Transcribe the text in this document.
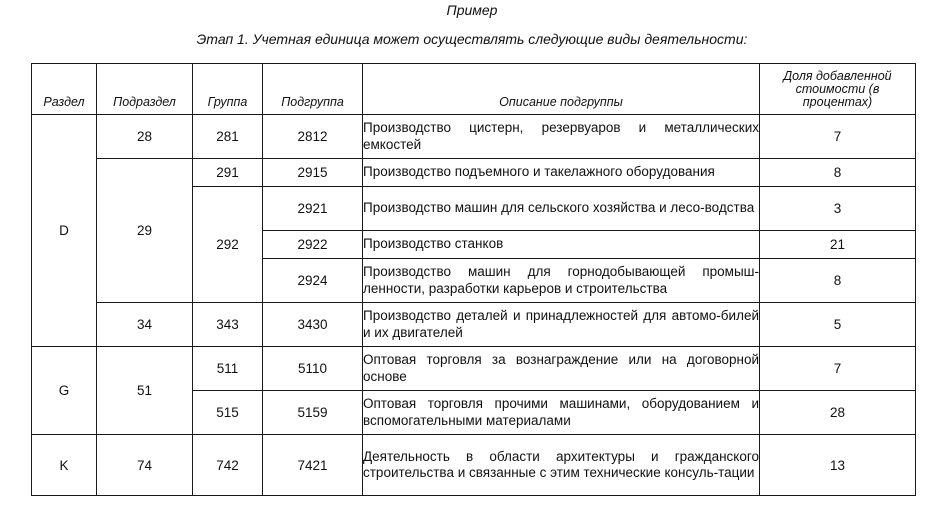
Пример
Этап 1. Учетная единица может осуществлять следующие виды деятельности:
Раздел	Подраздел	Группа	Подгруппа	Описание подгруппы	Доля добавленной стоимости (в процентах)
D	28	281	2812	Производство цистерн, резервуаров и металлических емкостей	7
	29	291	2915	Производство подъемного и такелажного оборудования	8
		292	2921	Производство машин для сельского хозяйства и лесо-водства	3
			2922	Производство станков	21
			2924	Производство машин для горнодобывающей промыш-ленности, разработки карьеров и строительства	8
	34	343	3430	Производство деталей и принадлежностей для автомо-билей и их двигателей	5
G	51	511	5110	Оптовая торговля за вознаграждение или на договорной основе	7
		515	5159	Оптовая торговля прочими машинами, оборудованием и вспомогательными материалами	28
K	74	742	7421	Деятельность в области архитектуры и гражданского строительства и связанные с этим технические консуль-тации	13
